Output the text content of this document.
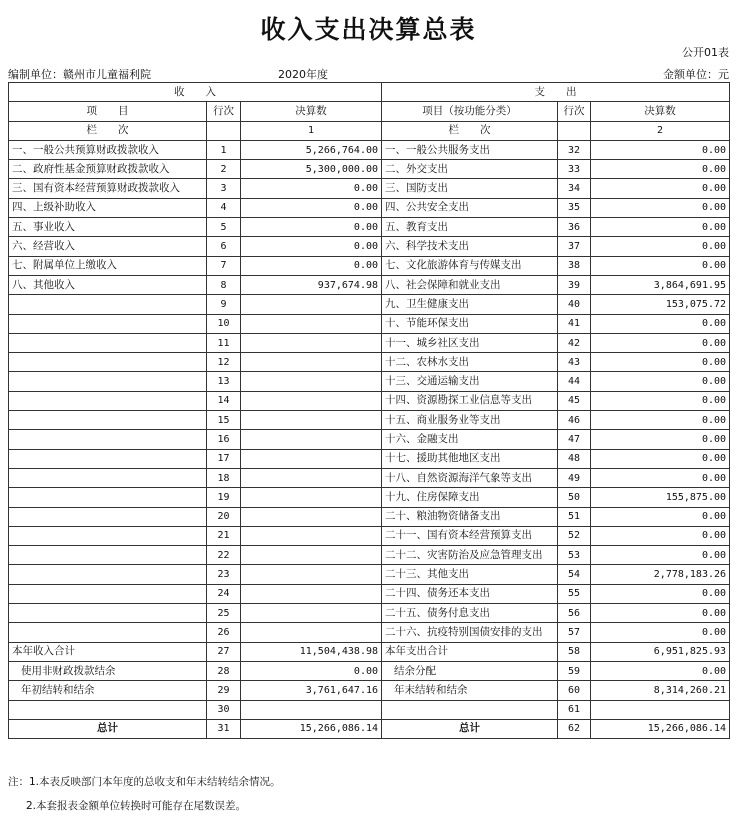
收入支出决算总表
公开01表
编制单位：赣州市儿童福利院	2020年度	金额单位：元
收　　入			支　　出		
项　　目	行次	决算数	项目（按功能分类）	行次	决算数
栏　　次		1	栏　　次		2
一、一般公共预算财政拨款收入	1	5,266,764.00	一、一般公共服务支出	32	0.00
二、政府性基金预算财政拨款收入	2	5,300,000.00	二、外交支出	33	0.00
三、国有资本经营预算财政拨款收入	3	0.00	三、国防支出	34	0.00
四、上级补助收入	4	0.00	四、公共安全支出	35	0.00
五、事业收入	5	0.00	五、教育支出	36	0.00
六、经营收入	6	0.00	六、科学技术支出	37	0.00
七、附属单位上缴收入	7	0.00	七、文化旅游体育与传媒支出	38	0.00
八、其他收入	8	937,674.98	八、社会保障和就业支出	39	3,864,691.95
	9		九、卫生健康支出	40	153,075.72
	10		十、节能环保支出	41	0.00
	11		十一、城乡社区支出	42	0.00
	12		十二、农林水支出	43	0.00
	13		十三、交通运输支出	44	0.00
	14		十四、资源勘探工业信息等支出	45	0.00
	15		十五、商业服务业等支出	46	0.00
	16		十六、金融支出	47	0.00
	17		十七、援助其他地区支出	48	0.00
	18		十八、自然资源海洋气象等支出	49	0.00
	19		十九、住房保障支出	50	155,875.00
	20		二十、粮油物资储备支出	51	0.00
	21		二十一、国有资本经营预算支出	52	0.00
	22		二十二、灾害防治及应急管理支出	53	0.00
	23		二十三、其他支出	54	2,778,183.26
	24		二十四、债务还本支出	55	0.00
	25		二十五、债务付息支出	56	0.00
	26		二十六、抗疫特别国债安排的支出	57	0.00
本年收入合计	27	11,504,438.98	本年支出合计	58	6,951,825.93
使用非财政拨款结余	28	0.00	结余分配	59	0.00
年初结转和结余	29	3,761,647.16	年末结转和结余	60	8,314,260.21
	30			61	
总计	31	15,266,086.14	总计	62	15,266,086.14
注：1.本表反映部门本年度的总收支和年末结转结余情况。
2.本套报表金额单位转换时可能存在尾数误差。
